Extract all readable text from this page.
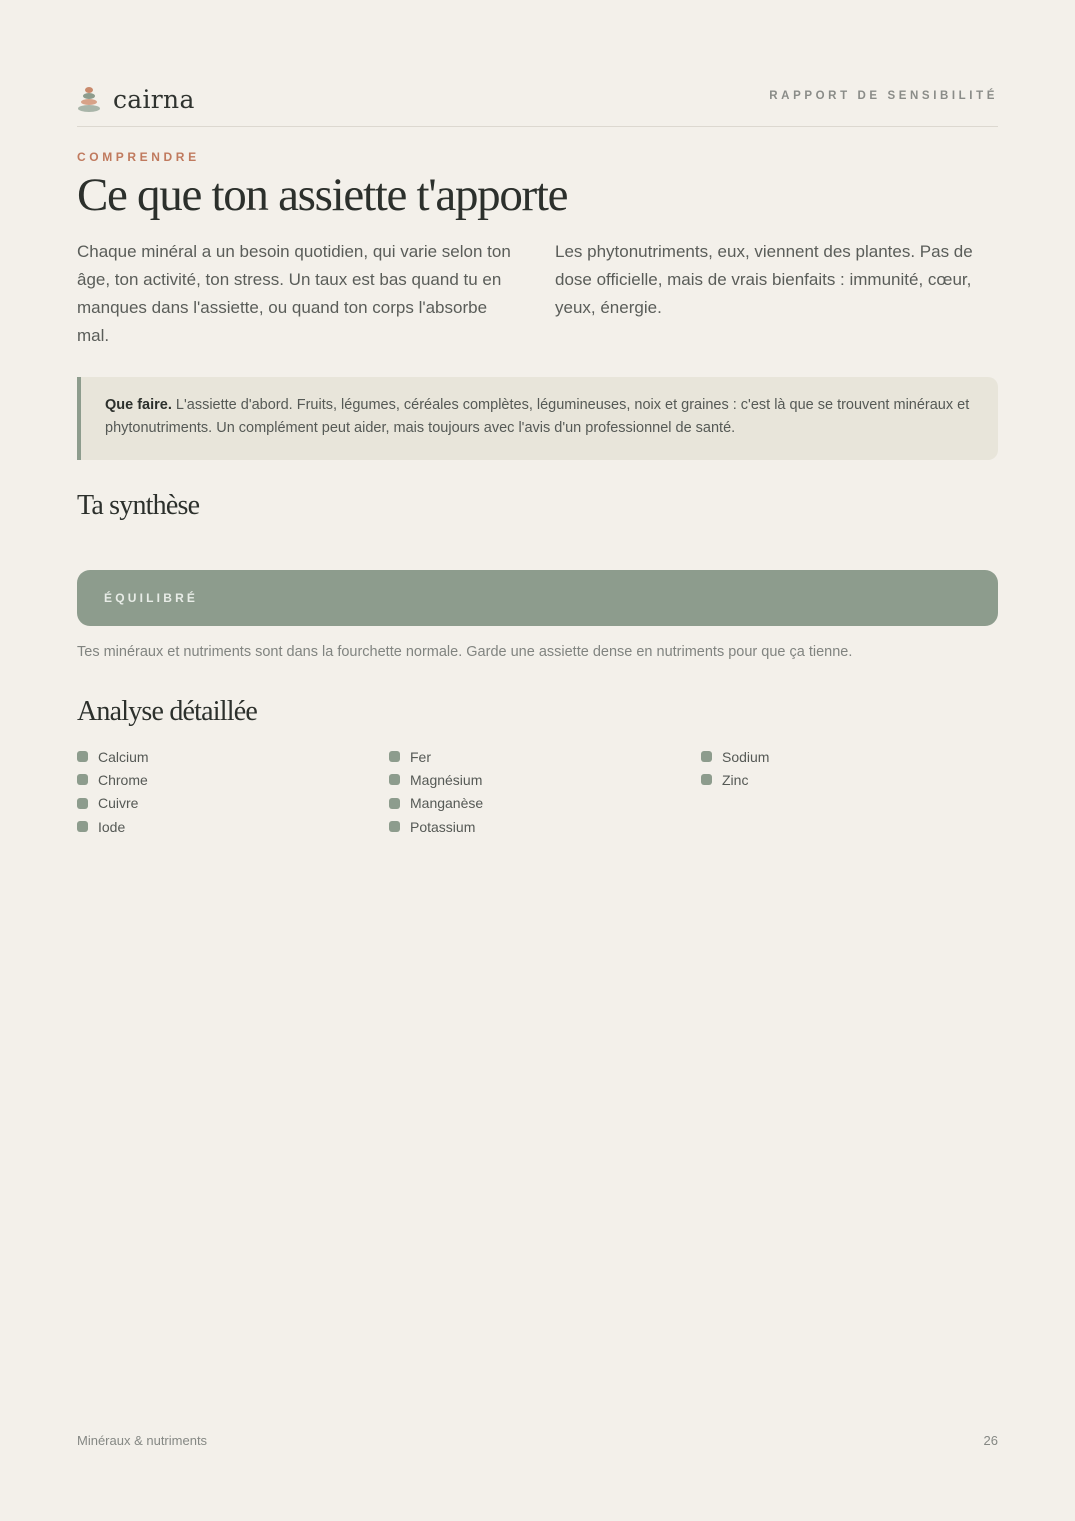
cairna	RAPPORT DE SENSIBILITÉ
COMPRENDRE
Ce que ton assiette t'apporte

Chaque minéral a un besoin quotidien, qui varie selon ton âge, ton activité, ton stress. Un taux est bas quand tu en manques dans l'assiette, ou quand ton corps l'absorbe mal.

Les phytonutriments, eux, viennent des plantes. Pas de dose officielle, mais de vrais bienfaits : immunité, cœur, yeux, énergie.

Que faire. L'assiette d'abord. Fruits, légumes, céréales complètes, légumineuses, noix et graines : c'est là que se trouvent minéraux et phytonutriments. Un complément peut aider, mais toujours avec l'avis d'un professionnel de santé.
Ta synthèse
ÉQUILIBRÉ

Tes minéraux et nutriments sont dans la fourchette normale. Garde une assiette dense en nutriments pour que ça tienne.

Analyse détaillée
Calcium
Chrome
Cuivre
Iode
Fer
Magnésium
Manganèse
Potassium
Sodium
Zinc
Minéraux & nutriments	26
